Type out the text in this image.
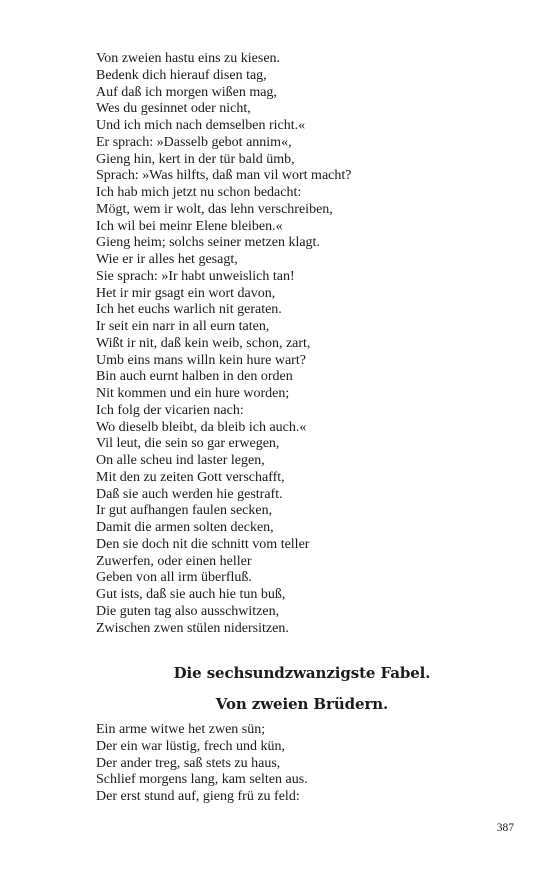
Von zweien hastu eins zu kiesen.
Bedenk dich hierauf disen tag,
Auf daß ich morgen wißen mag,
Wes du gesinnet oder nicht,
Und ich mich nach demselben richt.«
Er sprach: »Dasselb gebot annim«,
Gieng hin, kert in der tür bald ümb,
Sprach: »Was hilfts, daß man vil wort macht?
Ich hab mich jetzt nu schon bedacht:
Mögt, wem ir wolt, das lehn verschreiben,
Ich wil bei meinr Elene bleiben.«
Gieng heim; solchs seiner metzen klagt.
Wie er ir alles het gesagt,
Sie sprach: »Ir habt unweislich tan!
Het ir mir gsagt ein wort davon,
Ich het euchs warlich nit geraten.
Ir seit ein narr in all eurn taten,
Wißt ir nit, daß kein weib, schon, zart,
Umb eins mans willn kein hure wart?
Bin auch eurnt halben in den orden
Nit kommen und ein hure worden;
Ich folg der vicarien nach:
Wo dieselb bleibt, da bleib ich auch.«
Vil leut, die sein so gar erwegen,
On alle scheu ind laster legen,
Mit den zu zeiten Gott verschafft,
Daß sie auch werden hie gestraft.
Ir gut aufhangen faulen secken,
Damit die armen solten decken,
Den sie doch nit die schnitt vom teller
Zuwerfen, oder einen heller
Geben von all irm überfluß.
Gut ists, daß sie auch hie tun buß,
Die guten tag also ausschwitzen,
Zwischen zwen stülen nidersitzen.
Die sechsundzwanzigste Fabel.
Von zweien Brüdern.
Ein arme witwe het zwen sün;
Der ein war lüstig, frech und kün,
Der ander treg, saß stets zu haus,
Schlief morgens lang, kam selten aus.
Der erst stund auf, gieng frü zu feld:
387
